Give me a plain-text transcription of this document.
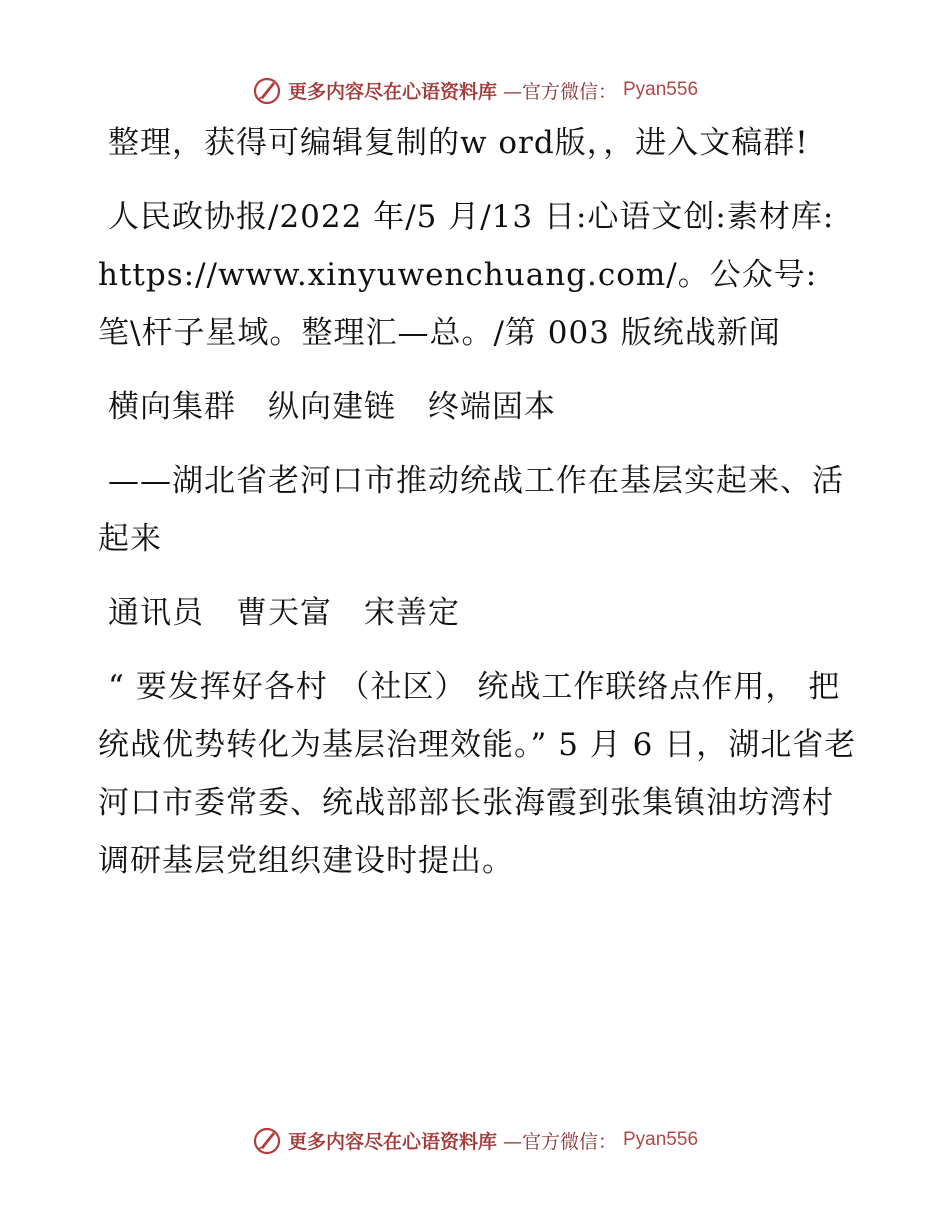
更多内容尽在心语资料库 —官方微信： Pyan556

整理，获得可编辑复制的w ord版，，进入文稿群!

人民政协报/2022 年/5 月/13 日:心语文创:素材库: https://www.xinyuwenchuang.com/。公众号: 笔\杆子星域。整理汇—总。/第 003 版统战新闻

横向集群　纵向建链　终端固本

——湖北省老河口市推动统战工作在基层实起来、活起来

通讯员　曹天富　宋善定

“ 要发挥好各村 （社区） 统战工作联络点作用， 把统战优势转化为基层治理效能。” 5 月 6 日，湖北省老河口市委常委、统战部部长张海霞到张集镇油坊湾村调研基层党组织建设时提出。

更多内容尽在心语资料库 —官方微信： Pyan556
